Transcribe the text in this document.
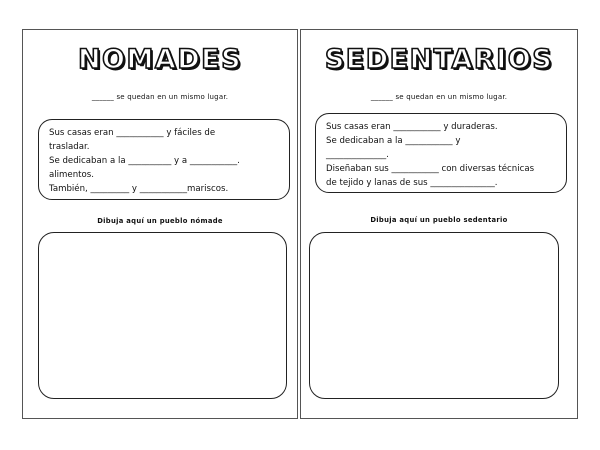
NOMADES
______ se quedan en un mismo lugar.

Sus casas eran ___________ y fáciles de

trasladar.

Se dedicaban a la __________ y a ___________.

alimentos.

También, _________ y ___________mariscos.

Dibuja aquí un pueblo nómade
SEDENTARIOS
______ se quedan en un mismo lugar.

Sus casas eran ___________ y duraderas.

Se dedicaban a la ___________ y

______________.

Diseñaban sus ___________ con diversas técnicas

de tejido y lanas de sus _______________.

Dibuja aquí un pueblo sedentario
